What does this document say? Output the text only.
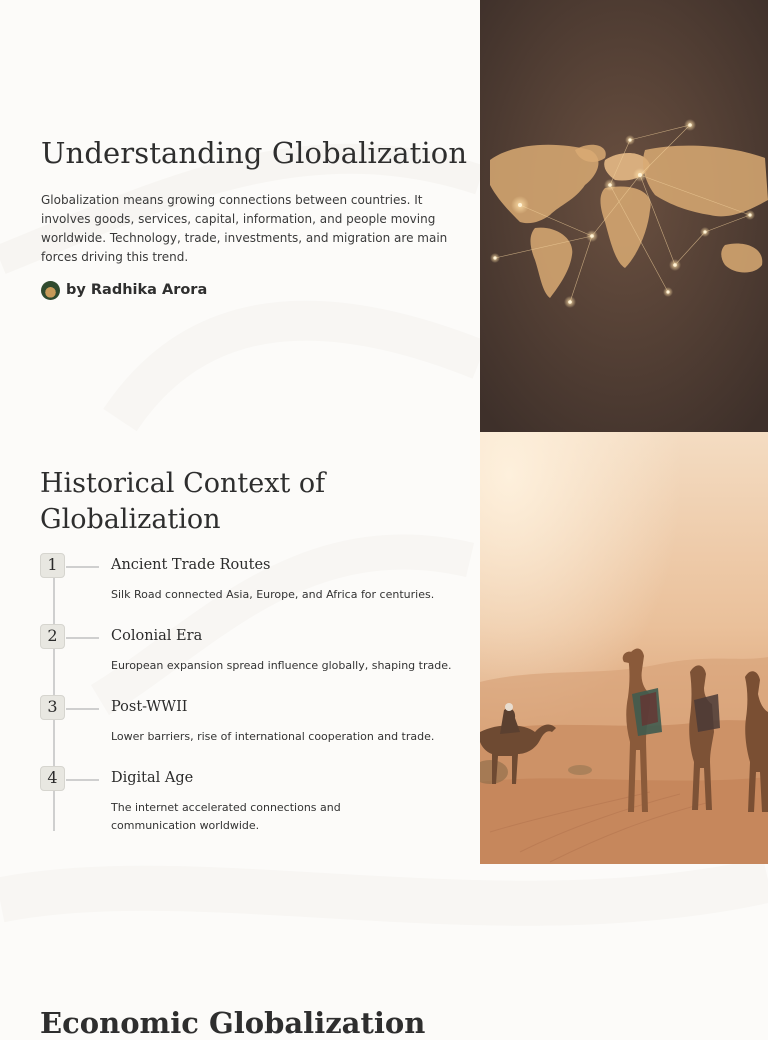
Understanding Globalization

Globalization means growing connections between countries. It involves goods, services, capital, information, and people moving worldwide. Technology, trade, investments, and migration are main forces driving this trend.

by Radhika Arora
Historical Context of Globalization
1	Ancient Trade Routes
Silk Road connected Asia, Europe, and Africa for centuries.
2	Colonial Era
European expansion spread influence globally, shaping trade.
3	Post-WWII
Lower barriers, rise of international cooperation and trade.
4	Digital Age
The internet accelerated connections and communication worldwide.
Economic Globalization
